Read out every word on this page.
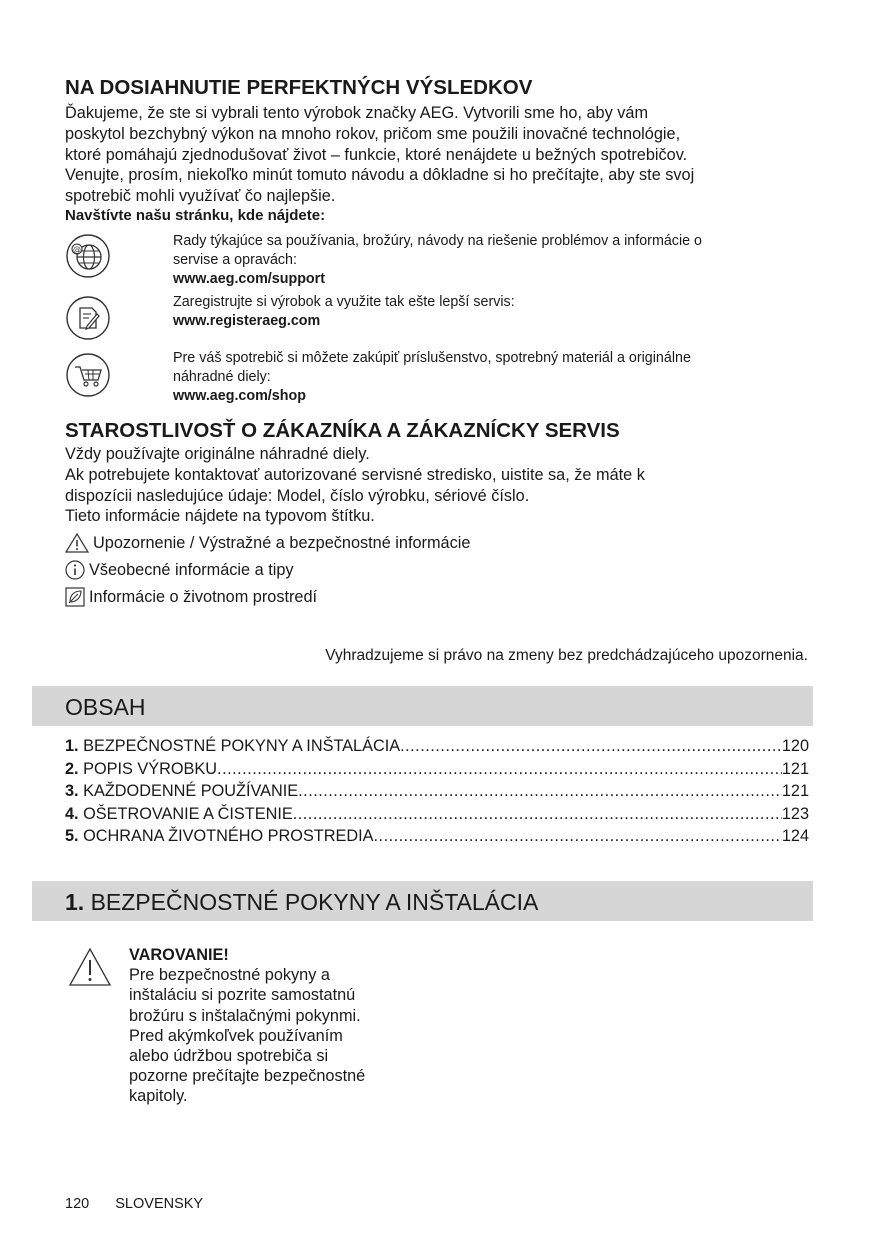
NA DOSIAHNUTIE PERFEKTNÝCH VÝSLEDKOV
Ďakujeme, že ste si vybrali tento výrobok značky AEG. Vytvorili sme ho, aby vám
poskytol bezchybný výkon na mnoho rokov, pričom sme použili inovačné technológie,
ktoré pomáhajú zjednodušovať život – funkcie, ktoré nenájdete u bežných spotrebičov.
Venujte, prosím, niekoľko minút tomuto návodu a dôkladne si ho prečítajte, aby ste svoj
spotrebič mohli využívať čo najlepšie.
Navštívte našu stránku, kde nájdete:
@
Rady týkajúce sa používania, brožúry, návody na riešenie problémov a informácie o
servise a opravách:
www.aeg.com/support
Zaregistrujte si výrobok a využite tak ešte lepší servis:
www.registeraeg.com
Pre váš spotrebič si môžete zakúpiť príslušenstvo, spotrebný materiál a originálne
náhradné diely:
www.aeg.com/shop
STAROSTLIVOSŤ O ZÁKAZNÍKA A ZÁKAZNÍCKY SERVIS
Vždy používajte originálne náhradné diely.
Ak potrebujete kontaktovať autorizované servisné stredisko, uistite sa, že máte k
dispozícii nasledujúce údaje: Model, číslo výrobku, sériové číslo.
Tieto informácie nájdete na typovom štítku.
Upozornenie / Výstražné a bezpečnostné informácie
Všeobecné informácie a tipy
Informácie o životnom prostredí
Vyhradzujeme si právo na zmeny bez predchádzajúceho upozornenia.
OBSAH
1. BEZPEČNOSTNÉ POKYNY A INŠTALÁCIA .....	120
2. POPIS VÝROBKU .....	121
3. KAŽDODENNÉ POUŽÍVANIE .....	121
4. OŠETROVANIE A ČISTENIE .....	123
5. OCHRANA ŽIVOTNÉHO PROSTREDIA .....	124
1. BEZPEČNOSTNÉ POKYNY A INŠTALÁCIA
VAROVANIE!
Pre bezpečnostné pokyny a
inštaláciu si pozrite samostatnú
brožúru s inštalačnými pokynmi.
Pred akýmkoľvek používaním
alebo údržbou spotrebiča si
pozorne prečítajte bezpečnostné
kapitoly.
120 SLOVENSKY
